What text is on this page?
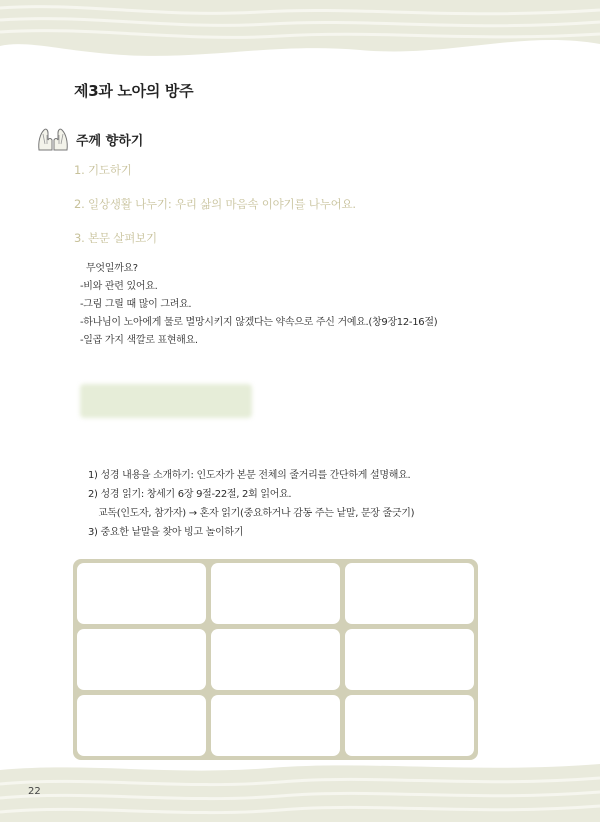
제3과 노아의 방주
주께 향하기
1. 기도하기
2. 일상생활 나누기: 우리 삶의 마음속 이야기를 나누어요.
3. 본문 살펴보기
무엇일까요?
-비와 관련 있어요.
-그림 그릴 때 많이 그려요.
-하나님이 노아에게 물로 멸망시키지 않겠다는 약속으로 주신 거예요.(창9장12-16절)
-일곱 가지 색깔로 표현해요.
1) 성경 내용을 소개하기: 인도자가 본문 전체의 줄거리를 간단하게 설명해요.
2) 성경 읽기: 창세기 6장 9절-22절, 2회 읽어요.
교독(인도자, 참가자) → 혼자 읽기(중요하거나 감동 주는 낱말, 문장 줄긋기)
3) 중요한 낱말을 찾아 빙고 놀이하기
22
